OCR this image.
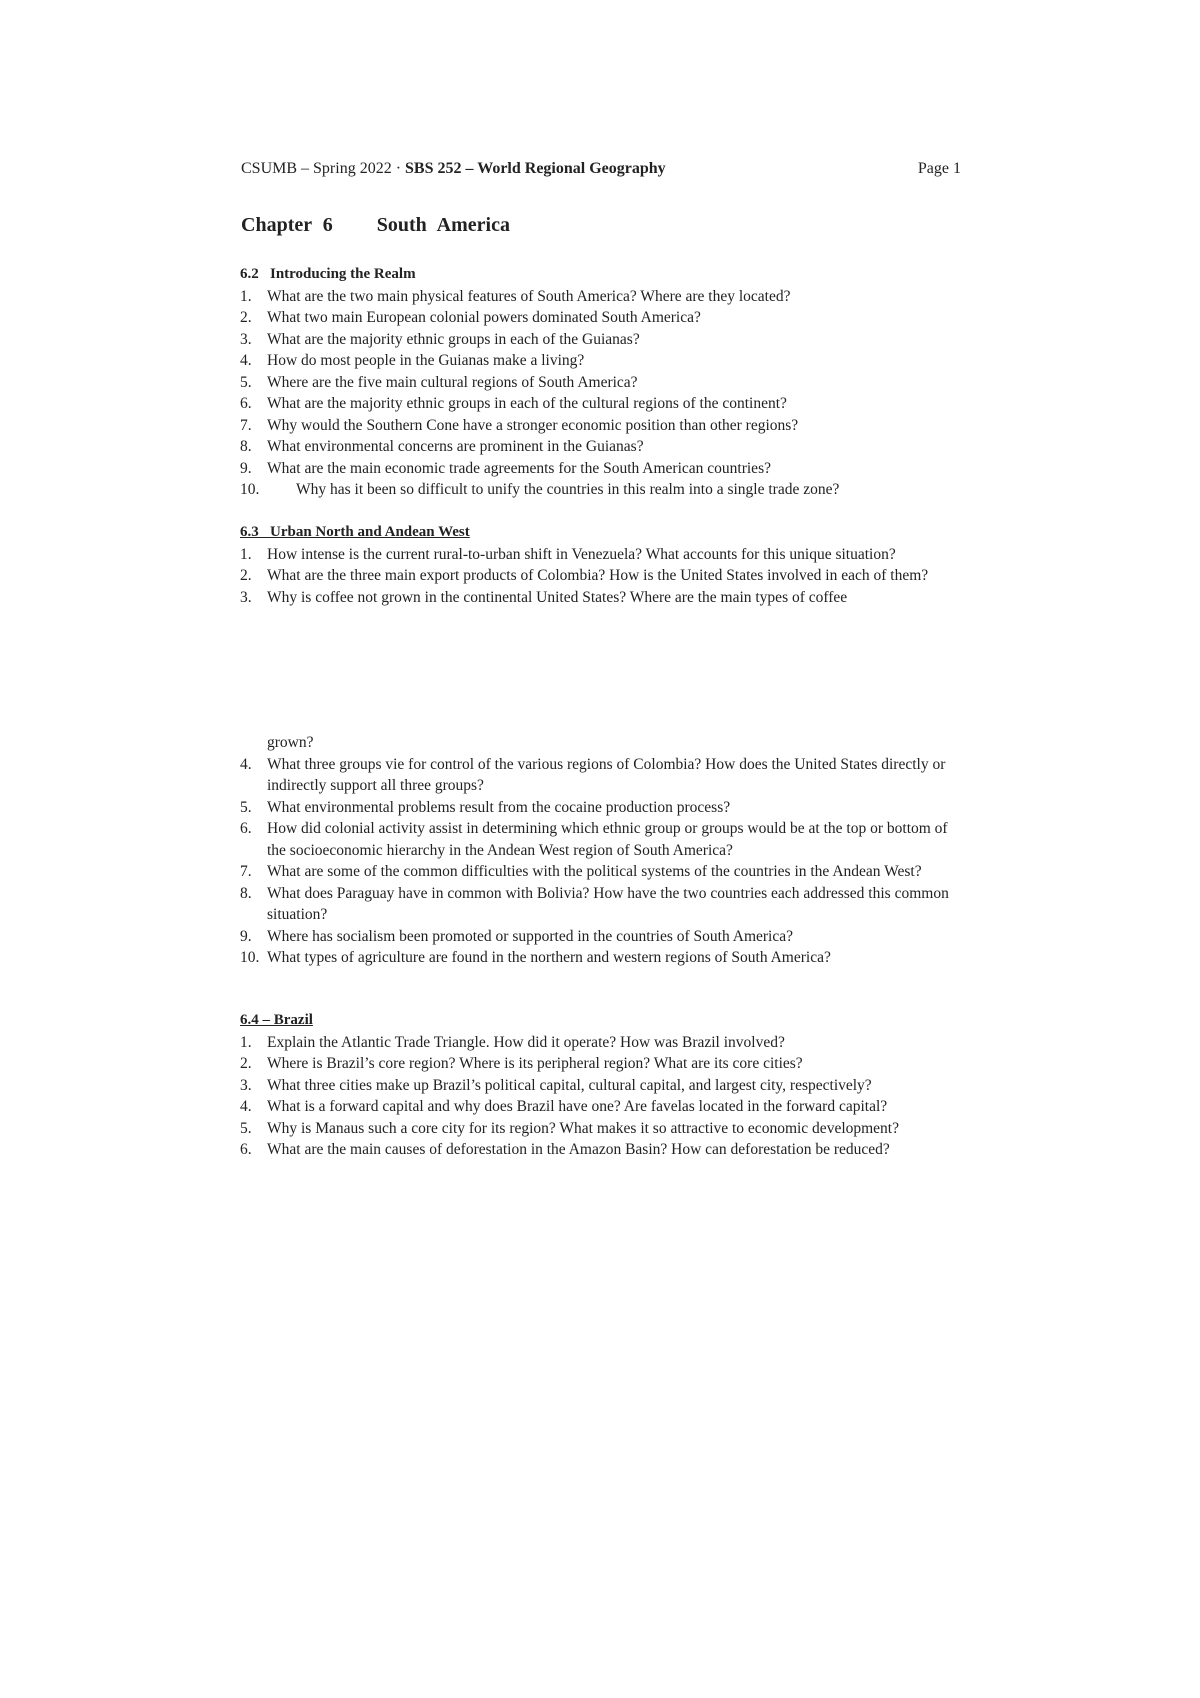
CSUMB – Spring 2022 · SBS 252 – World Regional Geography	Page 1
Chapter 6    South America
6.2   Introducing the Realm
1. What are the two main physical features of South America? Where are they located?
2. What two main European colonial powers dominated South America?
3. What are the majority ethnic groups in each of the Guianas?
4. How do most people in the Guianas make a living?
5. Where are the five main cultural regions of South America?
6. What are the majority ethnic groups in each of the cultural regions of the continent?
7. Why would the Southern Cone have a stronger economic position than other regions?
8. What environmental concerns are prominent in the Guianas?
9. What are the main economic trade agreements for the South American countries?
10. Why has it been so difficult to unify the countries in this realm into a single trade zone?
6.3   Urban North and Andean West
1. How intense is the current rural-to-urban shift in Venezuela? What accounts for this unique situation?
2. What are the three main export products of Colombia? How is the United States involved in each of them?
3. Why is coffee not grown in the continental United States? Where are the main types of coffee
grown?
4. What three groups vie for control of the various regions of Colombia? How does the United States directly or indirectly support all three groups?
5. What environmental problems result from the cocaine production process?
6. How did colonial activity assist in determining which ethnic group or groups would be at the top or bottom of the socioeconomic hierarchy in the Andean West region of South America?
7. What are some of the common difficulties with the political systems of the countries in the Andean West?
8. What does Paraguay have in common with Bolivia? How have the two countries each addressed this common situation?
9. Where has socialism been promoted or supported in the countries of South America?
10. What types of agriculture are found in the northern and western regions of South America?
6.4 – Brazil
1. Explain the Atlantic Trade Triangle. How did it operate? How was Brazil involved?
2. Where is Brazil’s core region? Where is its peripheral region? What are its core cities?
3. What three cities make up Brazil’s political capital, cultural capital, and largest city, respectively?
4. What is a forward capital and why does Brazil have one? Are favelas located in the forward capital?
5. Why is Manaus such a core city for its region? What makes it so attractive to economic development?
6. What are the main causes of deforestation in the Amazon Basin? How can deforestation be reduced?
